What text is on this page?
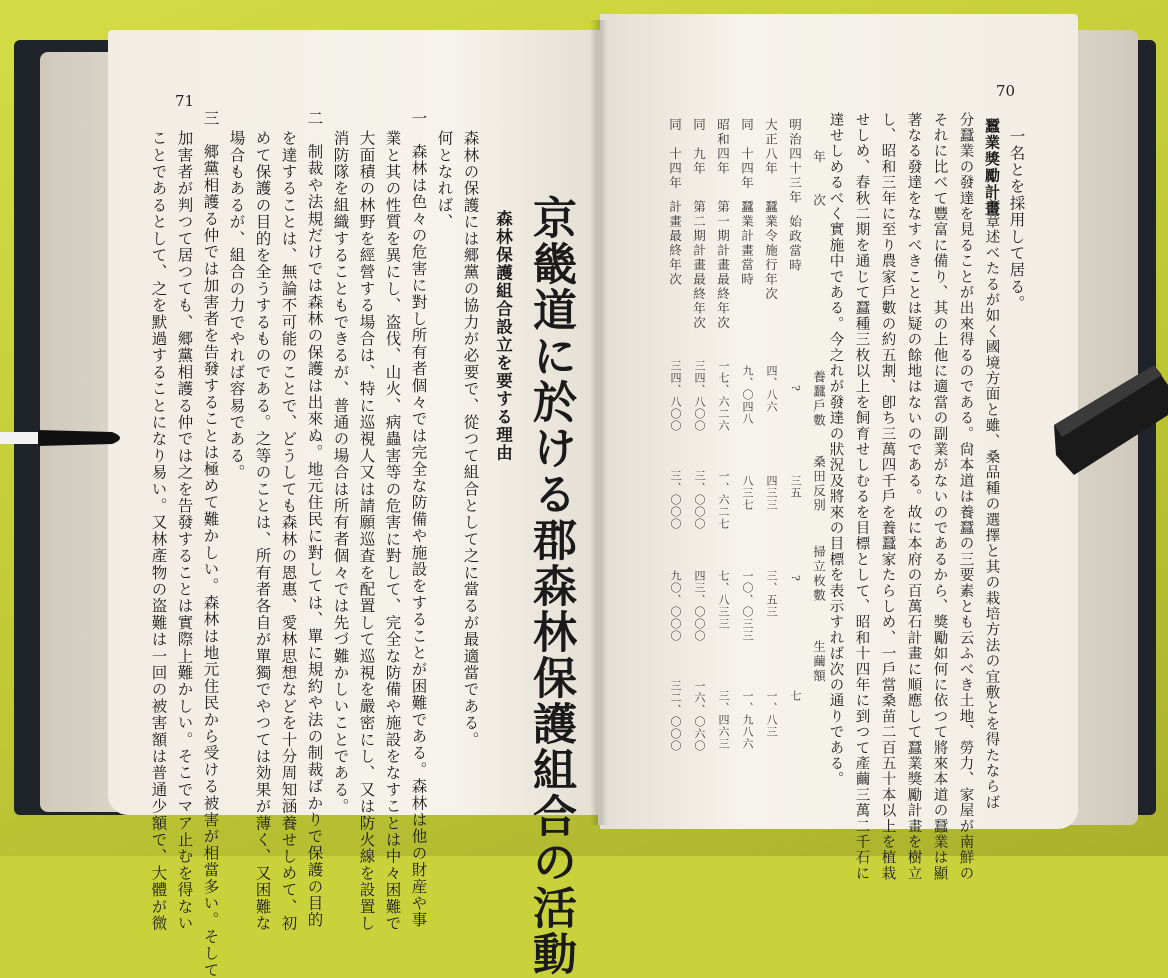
71
京畿道に於ける郡森林保護組合の活動
森林保護組合設立を要する理由
森林の保護には郷黨の協力が必要で、從つて組合として之に當るが最適當である。
何となれば、
一　森林は色々の危害に對し所有者個々では完全な防備や施設をすることが困難である。森林は他の財産や事
業と其の性質を異にし、盗伐、山火、病蟲害等の危害に對して、完全な防備や施設をなすことは中々困難で
大面積の林野を經營する場合は、特に巡視人又は請願巡査を配置して巡視を嚴密にし、又は防火線を設置し
消防隊を組織することもできるが、普通の場合は所有者個々では先づ難かしいことである。
二　制裁や法規だけでは森林の保護は出來ぬ。地元住民に對しては、單に規約や法の制裁ばかりで保護の目的
を達することは、無論不可能のことで、どうしても森林の恩惠、愛林思想などを十分周知涵養せしめて、初
めて保護の目的を全うするものである。之等のことは、所有者各自が單獨でやつては効果が薄く、又困難な
場合もあるが、組合の力でやれば容易である。
三　郷黨相護る仲では加害者を告發することは極めて難かしい。森林は地元住民から受ける被害が相當多い。そして
加害者が判つて居つても、郷黨相護る仲では之を告發することは實際上難かしい。そこでマア止むを得ない
ことであるとして、之を默過することになり易い。又林產物の盗難は一回の被害額は普通少額で、大體が微
70
一名とを採用して居る。
蠶業獎勵計畫
前章述べたるが如く國境方面と雖、桑品種の選擇と其の栽培方法の宜敷とを得たならば
分蠶業の發達を見ることが出來得るのである。尙本道は養蠶の三要素とも云ふべき土地、勞力、家屋が南鮮の
それに比べて豐富に備り、其の上他に適當の副業がないのであるから、獎勵如何に依つて將來本道の蠶業は顯
著なる發達をなすべきことは疑の餘地はないのである。故に本府の百萬石計畫に順應して蠶業獎勵計畫を樹立
し、昭和三年に至り農家戶數の約五割、卽ち三萬四千戶を養蠶家たらしめ、一戶當桑苗二百五十本以上を植栽
せしめ、春秋二期を通じて蠶種三枚以上を飼育せしむるを目標として、昭和十四年に到つて產繭三萬二千石に
達せしめるべく實施中である。今之れが發達の狀況及將來の目標を表示すれば次の通りである。
年　　次
養蠶戶數
桑田反別
掃立枚數
生繭額
明治四十三年
始政當時
?
三五
?
七
大正八年
蠶業令施行年次
四、八六
四三三
三、五三
一、八三
同　十四年
蠶業計畫當時
九、〇四八
八三七
一〇、〇三三
一、九八六
昭和四年
第一期計畫最終年次
一七、六二六
一、六二七
七、八三三
三、四六三
同　九年
第二期計畫最終年次
三四、八〇〇
三、〇〇〇
四三、〇〇〇
一六、〇六〇
同　十四年
計畫最終年次
三四、八〇〇
三、〇〇〇
九〇、〇〇〇
三二、〇〇〇
